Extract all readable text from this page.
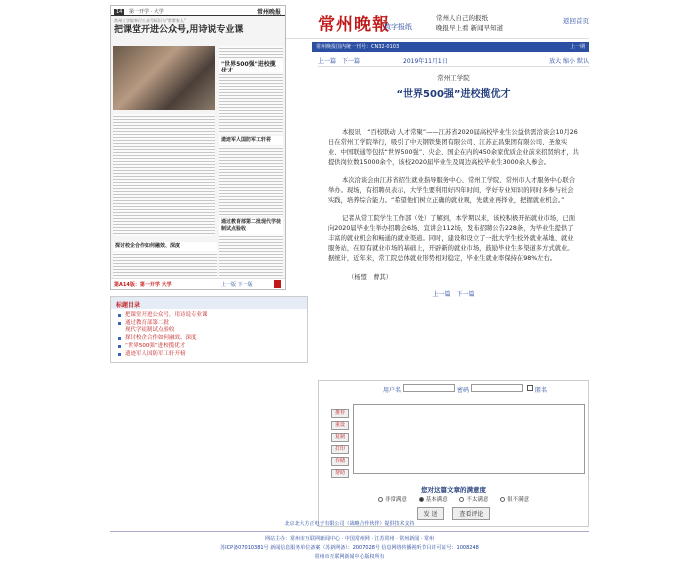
常州晚報
数字报纸
常州人自己的报纸
晚报早上看 新闻早知道
返回首页
常州晚报国内统一刊号：CN32-0103	上一期
14 第一开学 · 大学	常州晚报
常州工学院举行公众号标识与"常掌家人"
把课堂开进公众号,用诗说专业课
"世界500强"进校揽
遗迹军人国防军工轩将
探讨校企合作如何融效、深度
通过教育部第二批现代学徒制试点验收
第A14版：第一开学 大学	上一版 下一版
标题目录
把课堂开进公众号，用诗说专业课
通过教育部第二批
现代学徒制试点验收
探讨校企合作如何融效、深度
“世界500强”进校揽优才
遗迹军人国防军工轩开榜
上一篇 下一篇	2019年11月1日	放大 缩小 默认
常州工学院
“世界500强”进校揽优才

本报讯　“百校联动 人才常聚”——江苏省2020届高校毕业生公益供需洽谈会10月26日在常州工学院举行，吸引了中天钢铁集团有限公司、江苏正昌集团有限公司、圣象实业、中国联通等包括“世界500强”、央企、国企在内的450余家优质企业前来招贤纳才，共提供岗位数15000余个，该校2020届毕业生及周边高校毕业生3000余人参会。

本次洽谈会由江苏省招生就业指导服务中心、常州工学院、常州市人才服务中心联合举办。现场，有招聘员表示，大学生要利用好四年时间，学好专业知识的同时多参与社会实践，培养综合能力。“希望他们树立正确的就业观，先就业再择业，把握就业机会。”

记者从常工院学生工作部（处）了解到，本学期以来，该校积极开拓就业市场，已面向2020届毕业生举办招聘会6场、宣讲会112场，发布招聘公告228条，为毕业生提供了丰富的就业机会和畅通的就业渠道。同时，建设和设立了一批大学生校外就业基地、就业服务站，在原有就业市场的基础上，开辟新的就业市场，鼓励毕业生多渠道多方式就业。据统计，近年来，常工院总体就业形势相对稳定，毕业生就业率保持在98%左右。

（杨盟　曹其）

上一篇 下一篇
用户名	密码	匿名
推荐
重设
复制
打印
存储
帮助
您对这篇文章的满意度
非常满意	基本满意	不太满意	很不满意
发 送	查看评论
北京北大方正电子有限公司（战略合作伙伴）提供技术支持
网站主办：常州市互联网新闻中心 · 中国常州网 · 江苏常州 · 常州新闻 · 常州
苏ICP备07010381号 新闻信息服务单位备案（苏新网备）：2007028号 信息网络传播视听节目许可证号：1008248
常州市互联网新闻中心版权所有
